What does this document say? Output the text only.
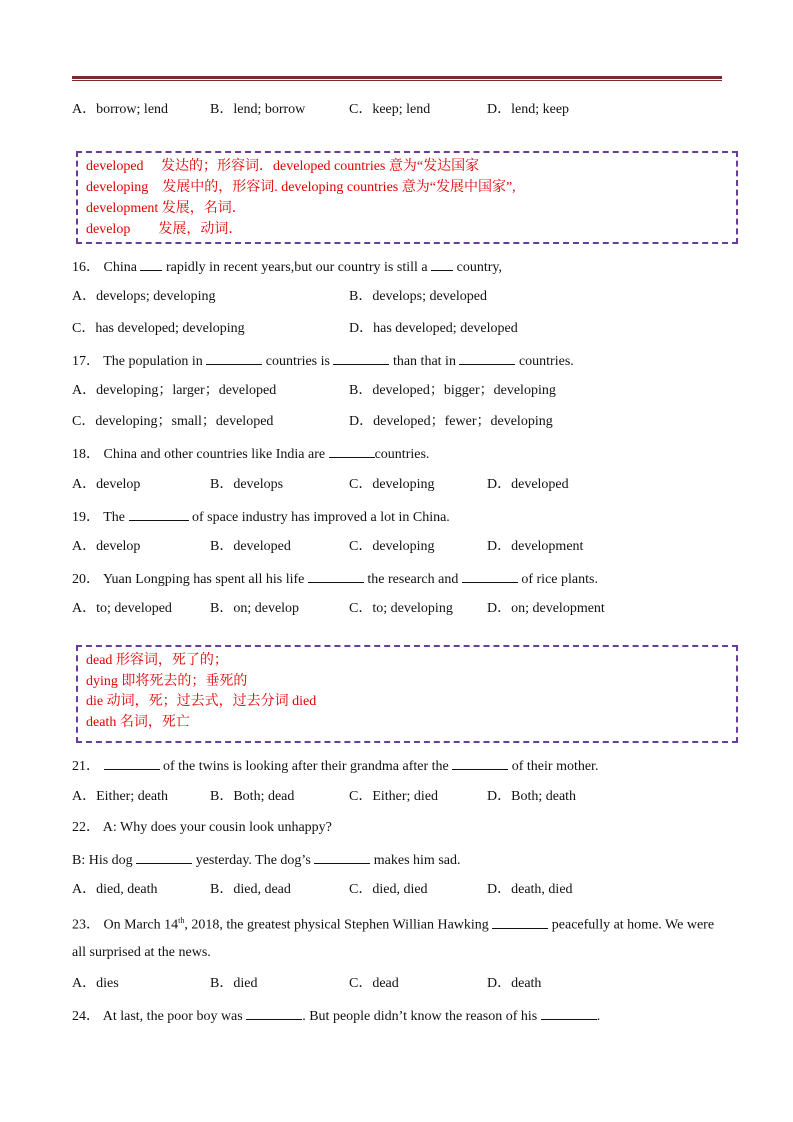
A．borrow; lend	B．lend; borrow	C．keep; lend	D．lend; keep
developed　 发达的；形容词．developed countries 意为“发达国家
developing　发展中的，形容词. developing countries 意为“发展中国家”,
development 发展，名词．
develop　　发展，动词．
16． China rapidly in recent years,but our country is still a country,
A．develops; developing	B．develops; developed
C．has developed; developing	D．has developed; developed
17． The population in	countries is	than that in	countries.
A．developing；larger；developed	B．developed；bigger；developing
C．developing；small；developed	D．developed；fewer；developing
18． China and other countries like India are	countries.
A．develop	B．develops	C．developing	D．developed
19． The	of space industry has improved a lot in China.
A．develop	B．developed	C．developing	D．development
20． Yuan Longping has spent all his life	the research and	of rice plants.
A．to; developed	B．on; develop	C．to; developing D．on; development
dead 形容词，死了的；
dying 即将死去的；垂死的
die 动词，死；过去式，过去分词 died
death 名词，死亡
21．	of the twins is looking after their grandma after the	of their mother.
A．Either; death	B．Both; dead	C．Either; died	D．Both; death
22． A: Why does your cousin look unhappy?
B: His dog	yesterday. The dog’s	makes him sad.
A．died, death	B．died, dead	C．died, died	D．death, died
23． On March 14th, 2018, the greatest physical Stephen Willian Hawking	peacefully at home. We were
all surprised at the news.
A．dies	B．died	C．dead	D．death
24． At last, the poor boy was	. But people didn’t know the reason of his	.
